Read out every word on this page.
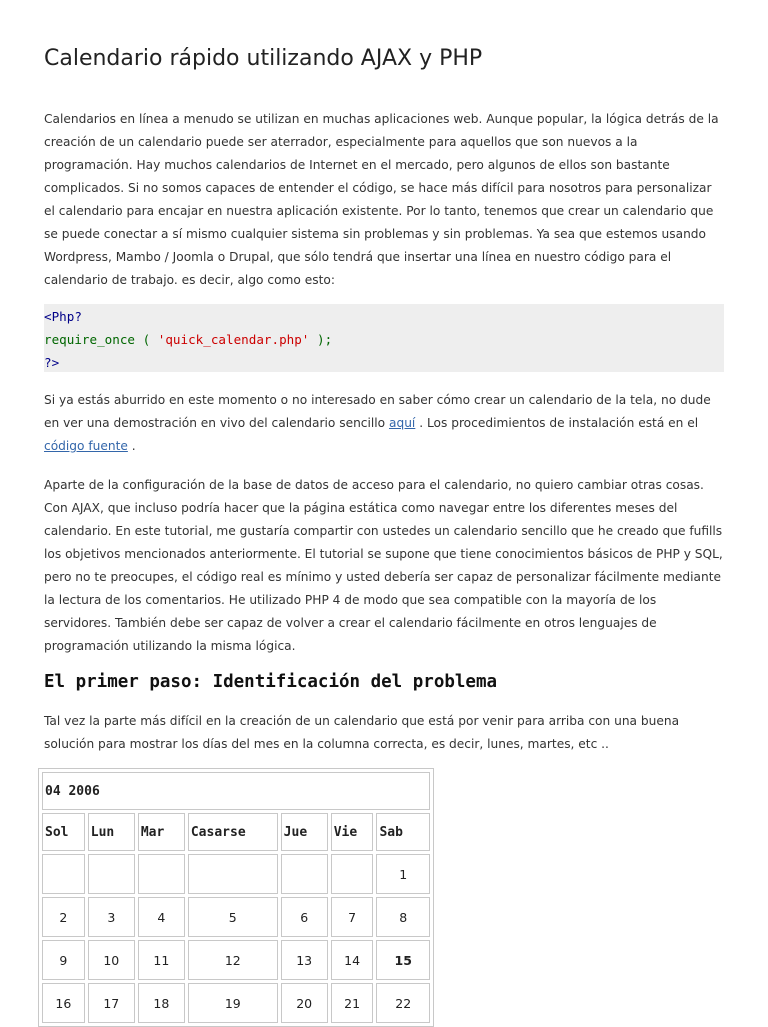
Calendario rápido utilizando AJAX y PHP

Calendarios en línea a menudo se utilizan en muchas aplicaciones web. Aunque popular, la lógica detrás de la creación de un calendario puede ser aterrador, especialmente para aquellos que son nuevos a la programación. Hay muchos calendarios de Internet en el mercado, pero algunos de ellos son bastante complicados. Si no somos capaces de entender el código, se hace más difícil para nosotros para personalizar el calendario para encajar en nuestra aplicación existente. Por lo tanto, tenemos que crear un calendario que se puede conectar a sí mismo cualquier sistema sin problemas y sin problemas. Ya sea que estemos usando Wordpress, Mambo / Joomla o Drupal, que sólo tendrá que insertar una línea en nuestro código para el calendario de trabajo. es decir, algo como esto:

<Php?
require_once ( 'quick_calendar.php' );
?>

Si ya estás aburrido en este momento o no interesado en saber cómo crear un calendario de la tela, no dude en ver una demostración en vivo del calendario sencillo aquí . Los procedimientos de instalación está en el código fuente .

Aparte de la configuración de la base de datos de acceso para el calendario, no quiero cambiar otras cosas. Con AJAX, que incluso podría hacer que la página estática como navegar entre los diferentes meses del calendario. En este tutorial, me gustaría compartir con ustedes un calendario sencillo que he creado que fufills los objetivos mencionados anteriormente. El tutorial se supone que tiene conocimientos básicos de PHP y SQL, pero no te preocupes, el código real es mínimo y usted debería ser capaz de personalizar fácilmente mediante la lectura de los comentarios. He utilizado PHP 4 de modo que sea compatible con la mayoría de los servidores. También debe ser capaz de volver a crear el calendario fácilmente en otros lenguajes de programación utilizando la misma lógica.

El primer paso: Identificación del problema

Tal vez la parte más difícil en la creación de un calendario que está por venir para arriba con una buena solución para mostrar los días del mes en la columna correcta, es decir, lunes, martes, etc ..

04 2006						
Sol	Lun	Mar	Casarse	Jue	Vie	Sab
						1
2	3	4	5	6	7	8
9	10	11	12	13	14	15
16	17	18	19	20	21	22
